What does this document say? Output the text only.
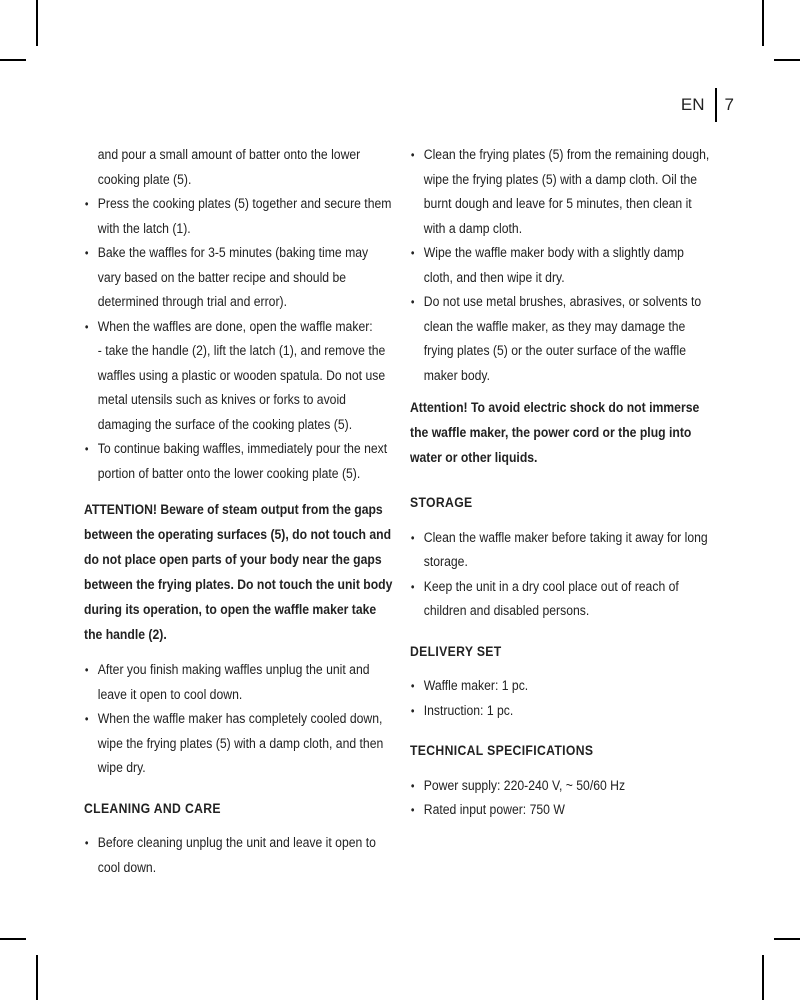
EN 7
and pour a small amount of batter onto the lower cooking plate (5).
• Press the cooking plates (5) together and secure them with the latch (1).
• Bake the waffles for 3-5 minutes (baking time may vary based on the batter recipe and should be determined through trial and error).
• When the waffles are done, open the waffle maker:
- take the handle (2), lift the latch (1), and remove the waffles using a plastic or wooden spatula. Do not use metal utensils such as knives or forks to avoid damaging the surface of the cooking plates (5).
• To continue baking waffles, immediately pour the next portion of batter onto the lower cooking plate (5).
ATTENTION! Beware of steam output from the gaps between the operating surfaces (5), do not touch and do not place open parts of your body near the gaps between the frying plates. Do not touch the unit body during its operation, to open the waffle maker take the handle (2).
• After you finish making waffles unplug the unit and leave it open to cool down.
• When the waffle maker has completely cooled down, wipe the frying plates (5) with a damp cloth, and then wipe dry.
CLEANING AND CARE
• Before cleaning unplug the unit and leave it open to cool down.
• Clean the frying plates (5) from the remaining dough, wipe the frying plates (5) with a damp cloth. Oil the burnt dough and leave for 5 minutes, then clean it with a damp cloth.
• Wipe the waffle maker body with a slightly damp cloth, and then wipe it dry.
• Do not use metal brushes, abrasives, or solvents to clean the waffle maker, as they may damage the frying plates (5) or the outer surface of the waffle maker body.
Attention! To avoid electric shock do not immerse the waffle maker, the power cord or the plug into water or other liquids.
STORAGE
• Clean the waffle maker before taking it away for long storage.
• Keep the unit in a dry cool place out of reach of children and disabled persons.
DELIVERY SET
• Waffle maker: 1 pc.
• Instruction: 1 pc.
TECHNICAL SPECIFICATIONS
• Power supply: 220-240 V, ~ 50/60 Hz
• Rated input power: 750 W
